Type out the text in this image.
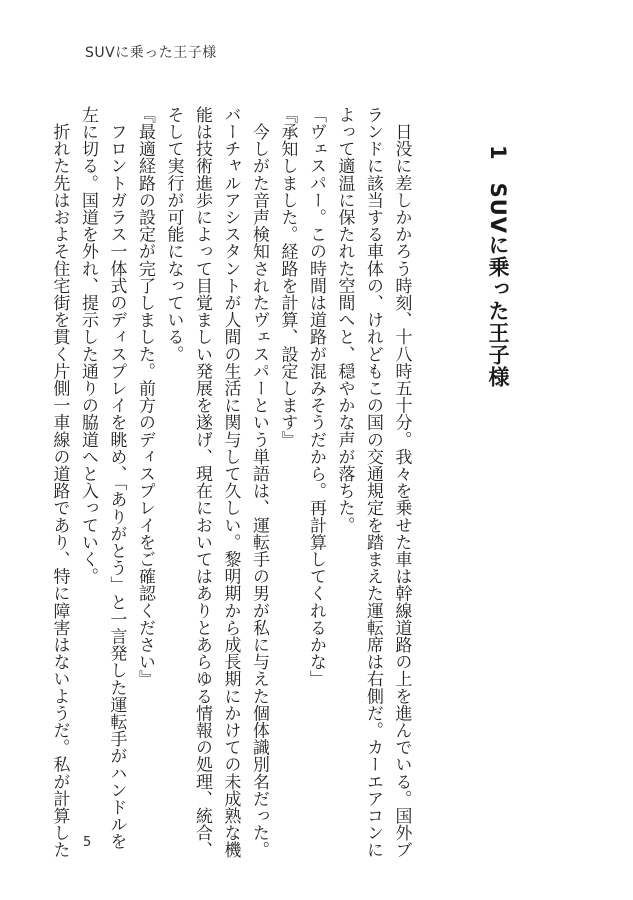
SUVに乗った王子様
1　SUVに乗った王子様

　日没に差しかかろう時刻、十八時五十分。我々を乗せた車は幹線道路の上を進んでいる。国外ブ

ランドに該当する車体の、けれどもこの国の交通規定を踏まえた運転席は右側だ。カーエアコンに

よって適温に保たれた空間へと、穏やかな声が落ちた。

「ヴェスパー。この時間は道路が混みそうだから。再計算してくれるかな」

『承知しました。経路を計算、設定します』

　今しがた音声検知されたヴェスパーという単語は、運転手の男が私に与えた個体識別名だった。

バーチャルアシスタントが人間の生活に関与して久しい。黎明期から成長期にかけての未成熟な機

能は技術進歩によって目覚ましい発展を遂げ、現在においてはありとあらゆる情報の処理、統合、

そして実行が可能になっている。

『最適経路の設定が完了しました。前方のディスプレイをご確認ください』

　フロントガラス一体式のディスプレイを眺め、「ありがとう」と一言発した運転手がハンドルを

左に切る。国道を外れ、提示した通りの脇道へと入っていく。

　折れた先はおよそ住宅街を貫く片側一車線の道路であり、特に障害はないようだ。私が計算した 5
